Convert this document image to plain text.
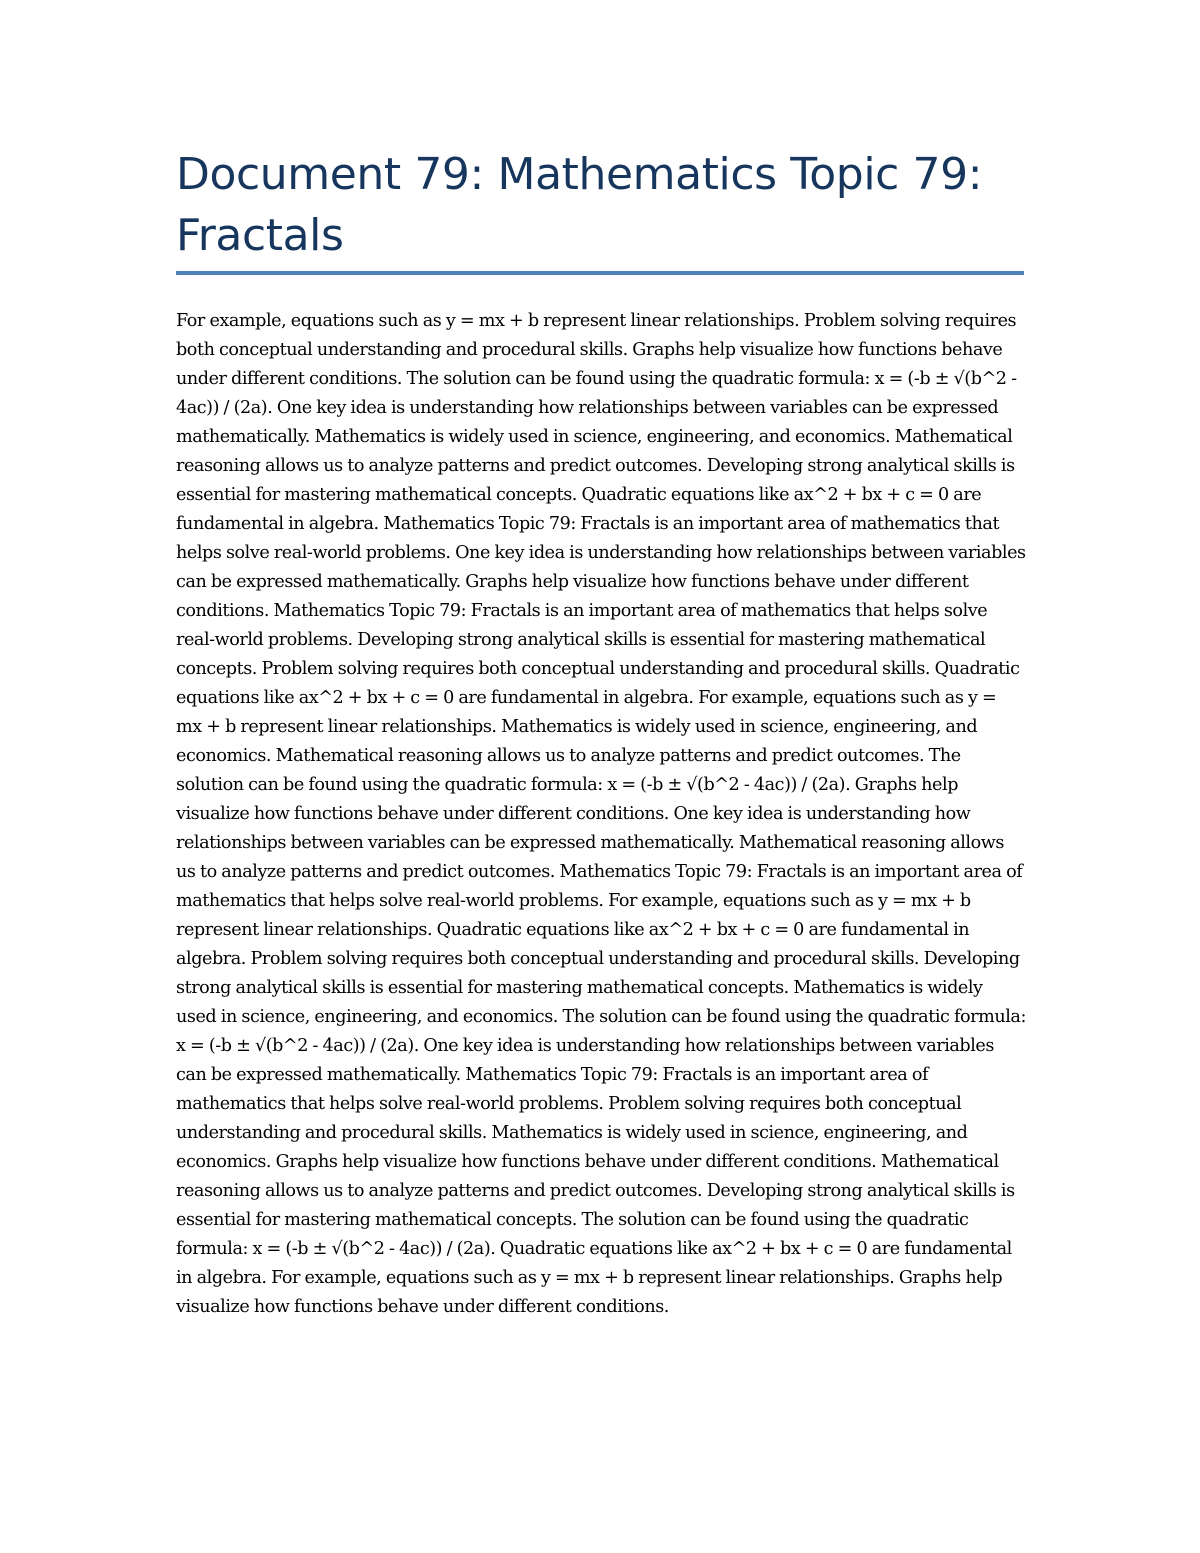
Document 79: Mathematics Topic 79: Fractals

For example, equations such as y = mx + b represent linear relationships. Problem solving requires both conceptual understanding and procedural skills. Graphs help visualize how functions behave under different conditions. The solution can be found using the quadratic formula: x = (-b ± √(b^2 - 4ac)) / (2a). One key idea is understanding how relationships between variables can be expressed mathematically. Mathematics is widely used in science, engineering, and economics. Mathematical reasoning allows us to analyze patterns and predict outcomes. Developing strong analytical skills is essential for mastering mathematical concepts. Quadratic equations like ax^2 + bx + c = 0 are fundamental in algebra. Mathematics Topic 79: Fractals is an important area of mathematics that helps solve real-world problems. One key idea is understanding how relationships between variables can be expressed mathematically. Graphs help visualize how functions behave under different conditions. Mathematics Topic 79: Fractals is an important area of mathematics that helps solve real-world problems. Developing strong analytical skills is essential for mastering mathematical concepts. Problem solving requires both conceptual understanding and procedural skills. Quadratic equations like ax^2 + bx + c = 0 are fundamental in algebra. For example, equations such as y = mx + b represent linear relationships. Mathematics is widely used in science, engineering, and economics. Mathematical reasoning allows us to analyze patterns and predict outcomes. The solution can be found using the quadratic formula: x = (-b ± √(b^2 - 4ac)) / (2a). Graphs help visualize how functions behave under different conditions. One key idea is understanding how relationships between variables can be expressed mathematically. Mathematical reasoning allows us to analyze patterns and predict outcomes. Mathematics Topic 79: Fractals is an important area of mathematics that helps solve real-world problems. For example, equations such as y = mx + b represent linear relationships. Quadratic equations like ax^2 + bx + c = 0 are fundamental in algebra. Problem solving requires both conceptual understanding and procedural skills. Developing strong analytical skills is essential for mastering mathematical concepts. Mathematics is widely used in science, engineering, and economics. The solution can be found using the quadratic formula: x = (-b ± √(b^2 - 4ac)) / (2a). One key idea is understanding how relationships between variables can be expressed mathematically. Mathematics Topic 79: Fractals is an important area of mathematics that helps solve real-world problems. Problem solving requires both conceptual understanding and procedural skills. Mathematics is widely used in science, engineering, and economics. Graphs help visualize how functions behave under different conditions. Mathematical reasoning allows us to analyze patterns and predict outcomes. Developing strong analytical skills is essential for mastering mathematical concepts. The solution can be found using the quadratic formula: x = (-b ± √(b^2 - 4ac)) / (2a). Quadratic equations like ax^2 + bx + c = 0 are fundamental in algebra. For example, equations such as y = mx + b represent linear relationships. Graphs help visualize how functions behave under different conditions.
